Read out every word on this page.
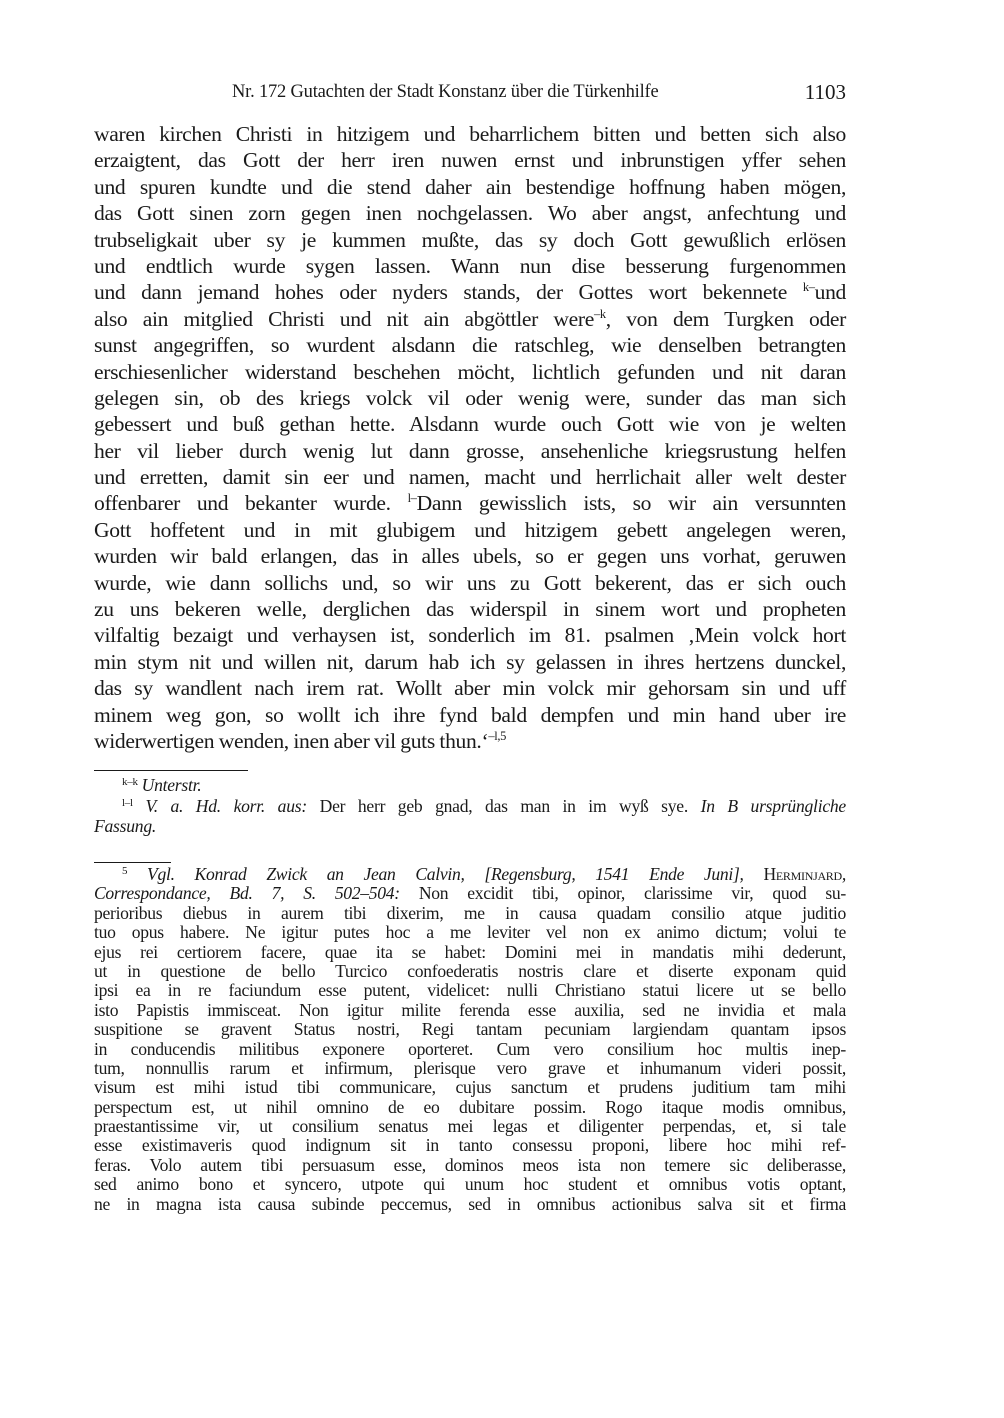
Nr. 172 Gutachten der Stadt Konstanz über die Türkenhilfe	1103
waren kirchen Christi in hitzigem und beharrlichem bitten und betten sich also
erzaigtent, das Gott der herr iren nuwen ernst und inbrunstigen yffer sehen
und spuren kundte und die stend daher ain bestendige hoffnung haben mögen,
das Gott sinen zorn gegen inen nochgelassen. Wo aber angst, anfechtung und
trubseligkait uber sy je kummen mußte, das sy doch Gott gewußlich erlösen
und endtlich wurde sygen lassen. Wann nun dise besserung furgenommen
und dann jemand hohes oder nyders stands, der Gottes wort bekennete $^{k-}$und
also ain mitglied Christi und nit ain abgöttler were$^{-k}$, von dem Turgken oder
sunst angegriffen, so wurdent alsdann die ratschleg, wie denselben betrangten
erschiesenlicher widerstand beschehen möcht, lichtlich gefunden und nit daran
gelegen sin, ob des kriegs volck vil oder wenig were, sunder das man sich
gebessert und buß gethan hette. Alsdann wurde ouch Gott wie von je welten
her vil lieber durch wenig lut dann grosse, ansehenliche kriegsrustung helfen
und erretten, damit sin eer und namen, macht und herrlichait aller welt dester
offenbarer und bekanter wurde. $^{l-}$Dann gewisslich ists, so wir ain versunnten
Gott hoffetent und in mit glubigem und hitzigem gebett angelegen weren,
wurden wir bald erlangen, das in alles ubels, so er gegen uns vorhat, geruwen
wurde, wie dann sollichs und, so wir uns zu Gott bekerent, das er sich ouch
zu uns bekeren welle, derglichen das widerspil in sinem wort und propheten
vilfaltig bezaigt und verhaysen ist, sonderlich im 81. psalmen ‚Mein volck hort
min stym nit und willen nit, darum hab ich sy gelassen in ihres hertzens dunckel,
das sy wandlent nach irem rat. Wollt aber min volck mir gehorsam sin und uff
minem weg gon, so wollt ich ihre fynd bald dempfen und min hand uber ire
widerwertigen wenden, inen aber vil guts thun.‘$^{-l,5}$
$^{k-k}$ Unterstr.
$^{l-l}$ V. a. Hd. korr. aus: Der herr geb gnad, das man in im wyß sye. In B ursprüngliche
Fassung.
$^5$ Vgl. Konrad Zwick an Jean Calvin, [Regensburg, 1541 Ende Juni], Herminjard,
Correspondance, Bd. 7, S. 502–504: Non excidit tibi, opinor, clarissime vir, quod su-
perioribus diebus in aurem tibi dixerim, me in causa quadam consilio atque juditio
tuo opus habere. Ne igitur putes hoc a me leviter vel non ex animo dictum; volui te
ejus rei certiorem facere, quae ita se habet: Domini mei in mandatis mihi dederunt,
ut in questione de bello Turcico confoederatis nostris clare et diserte exponam quid
ipsi ea in re faciundum esse putent, videlicet: nulli Christiano statui licere ut se bello
isto Papistis immisceat. Non igitur milite ferenda esse auxilia, sed ne invidia et mala
suspitione se gravent Status nostri, Regi tantam pecuniam largiendam quantam ipsos
in conducendis militibus exponere oporteret. Cum vero consilium hoc multis inep-
tum, nonnullis rarum et infirmum, plerisque vero grave et inhumanum videri possit,
visum est mihi istud tibi communicare, cujus sanctum et prudens juditium tam mihi
perspectum est, ut nihil omnino de eo dubitare possim. Rogo itaque modis omnibus,
praestantissime vir, ut consilium senatus mei legas et diligenter perpendas, et, si tale
esse existimaveris quod indignum sit in tanto consessu proponi, libere hoc mihi ref-
feras. Volo autem tibi persuasum esse, dominos meos ista non temere sic deliberasse,
sed animo bono et syncero, utpote qui unum hoc student et omnibus votis optant,
ne in magna ista causa subinde peccemus, sed in omnibus actionibus salva sit et firma
